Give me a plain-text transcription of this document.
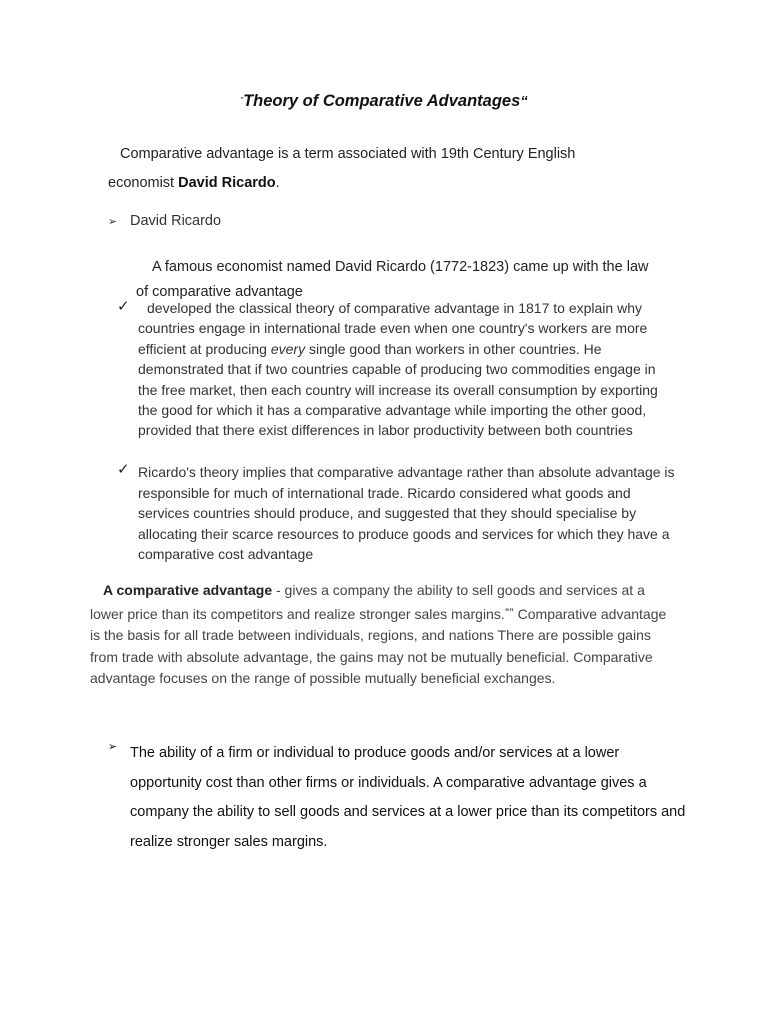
"Theory of Comparative Advantages“
Comparative advantage is a term associated with 19th Century English
economist David Ricardo.
➢ David Ricardo
A famous economist named David Ricardo (1772-1823) came up with the law
of comparative advantage
✓	developed the classical theory of comparative advantage in 1817 to explain why countries engage in international trade even when one country's workers are more efficient at producing every single good than workers in other countries. He demonstrated that if two countries capable of producing two commodities engage in the free market, then each country will increase its overall consumption by exporting the good for which it has a comparative advantage while importing the other good, provided that there exist differences in labor productivity between both countries
✓ Ricardo's theory implies that comparative advantage rather than absolute advantage is responsible for much of international trade. Ricardo considered what goods and services countries should produce, and suggested that they should specialise by allocating their scarce resources to produce goods and services for which they have a comparative cost advantage
A comparative advantage - gives a company the ability to sell goods and services at a lower price than its competitors and realize stronger sales margins.”” Comparative advantage is the basis for all trade between individuals, regions, and nations There are possible gains from trade with absolute advantage, the gains may not be mutually beneficial. Comparative advantage focuses on the range of possible mutually beneficial exchanges.
➢ The ability of a firm or individual to produce goods and/or services at a lower opportunity cost than other firms or individuals. A comparative advantage gives a company the ability to sell goods and services at a lower price than its competitors and realize stronger sales margins.
